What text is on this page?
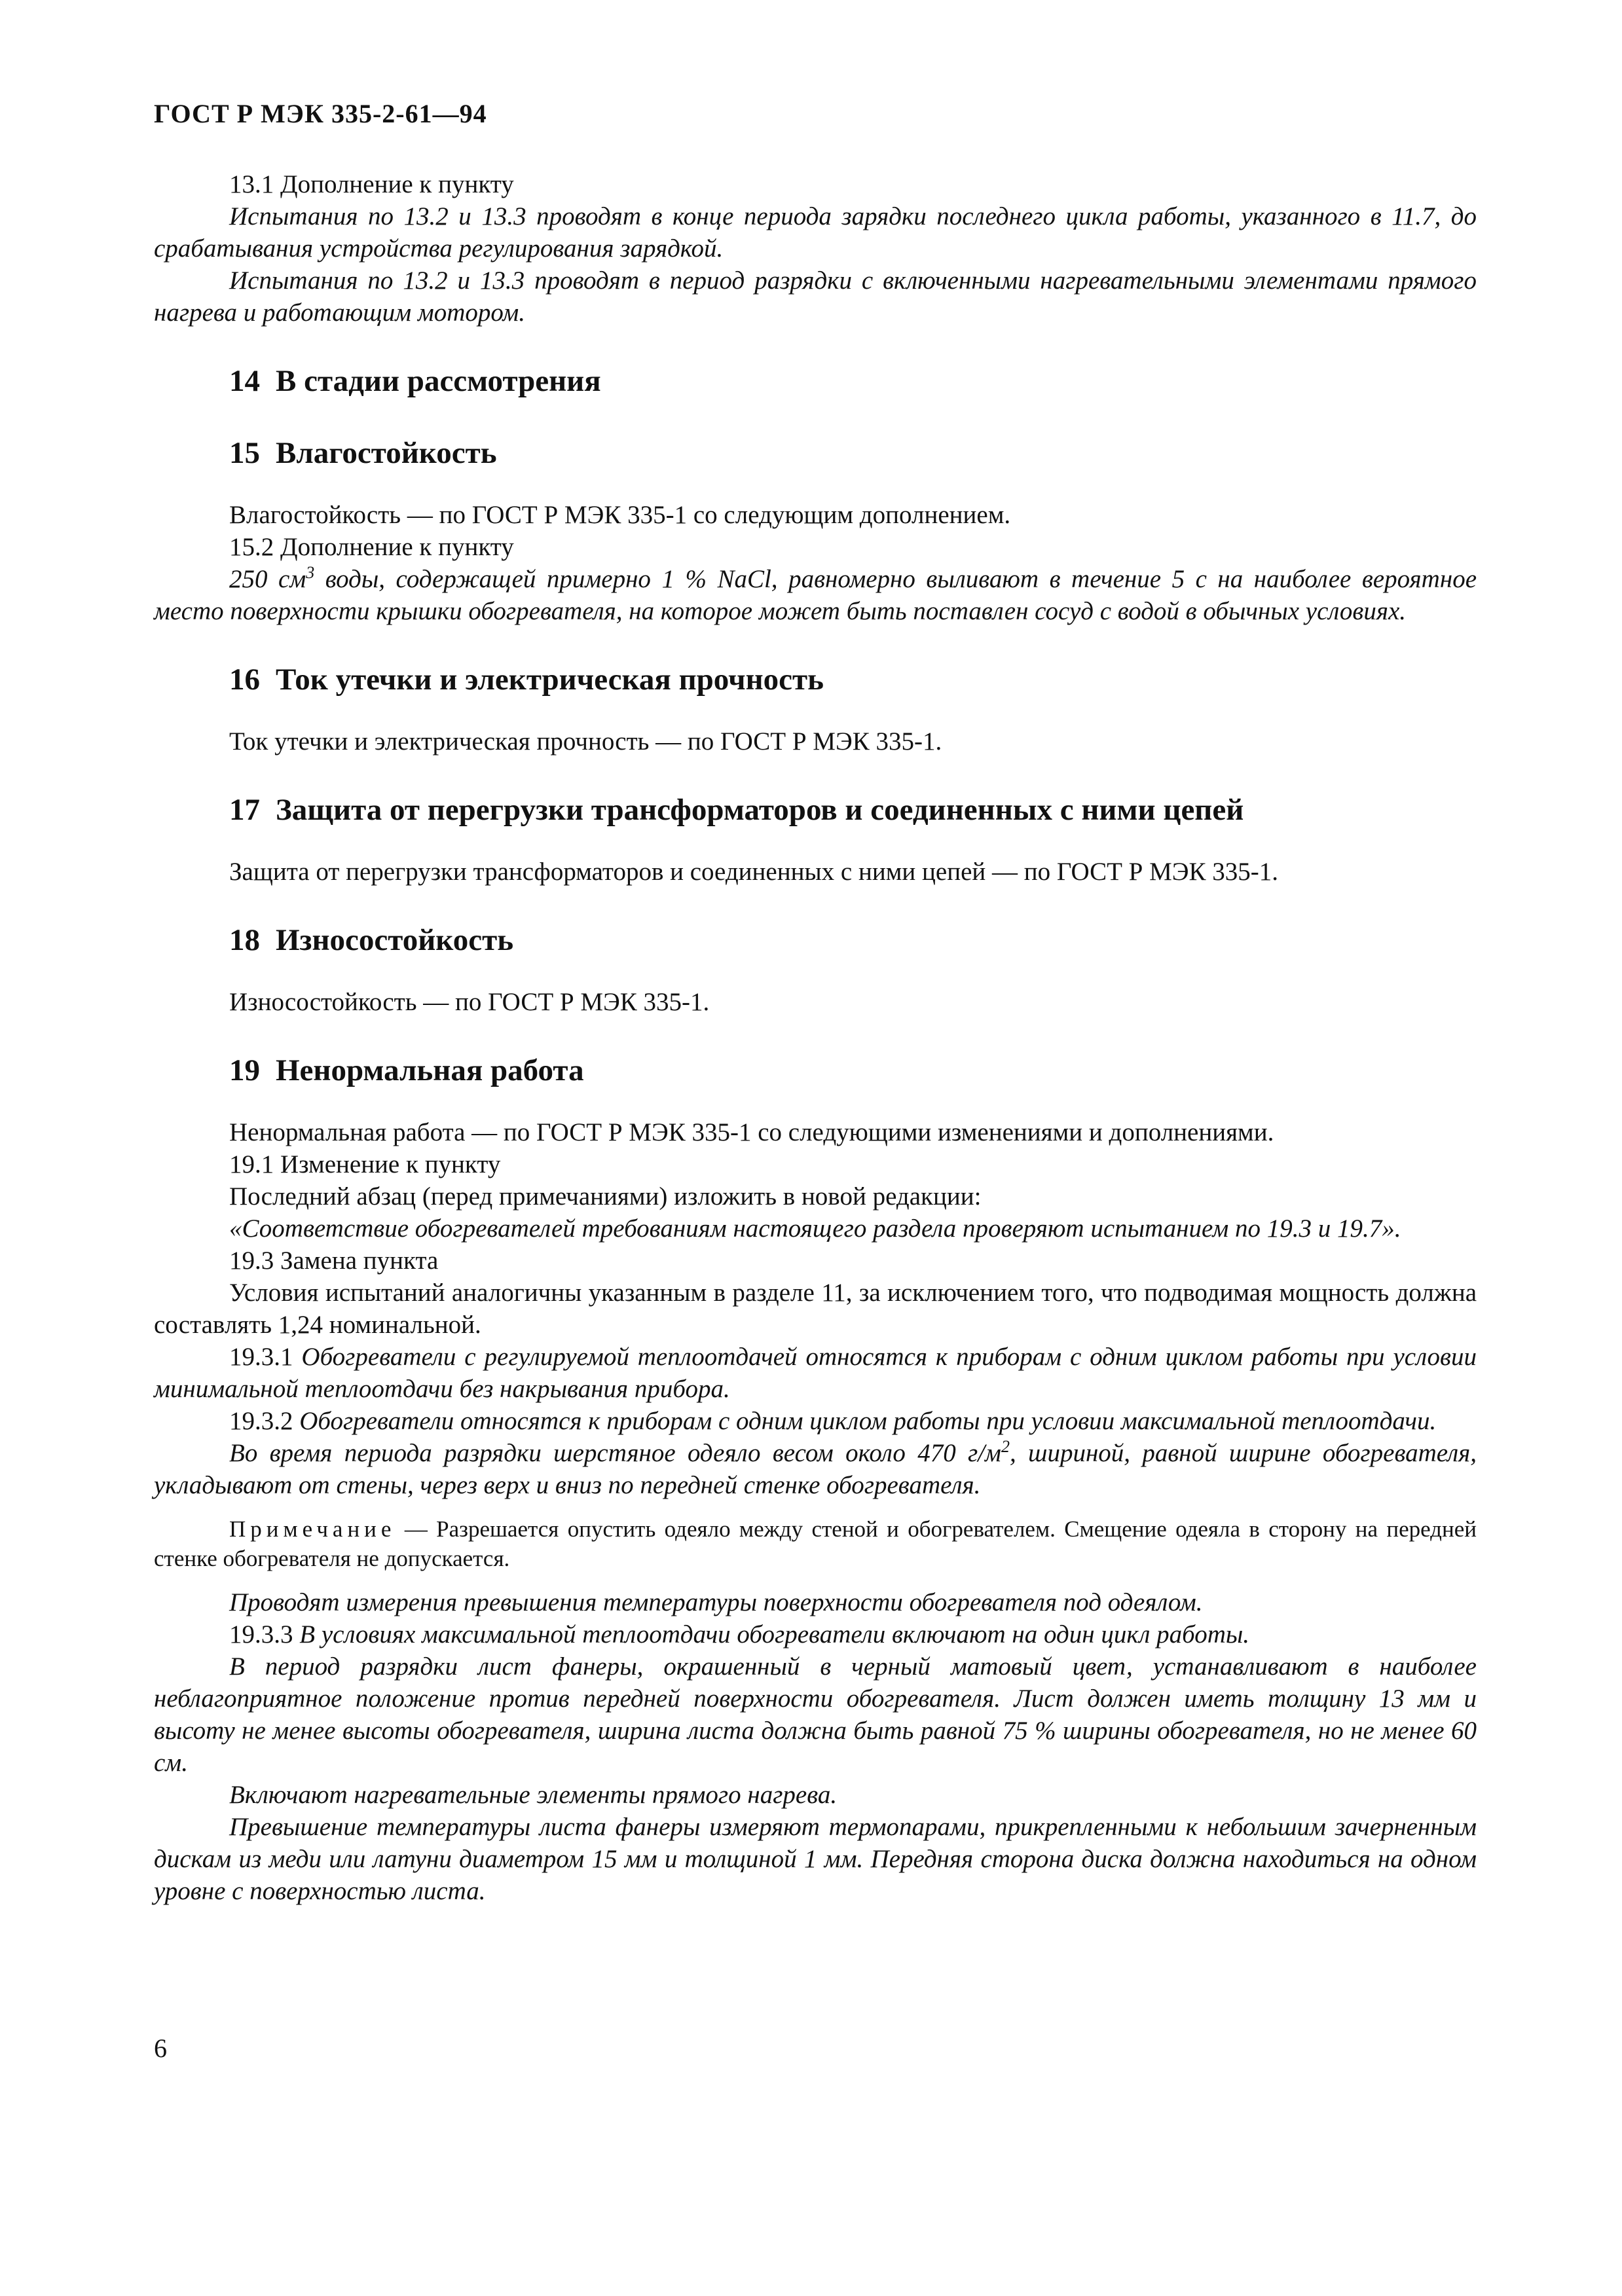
ГОСТ Р МЭК 335-2-61—94

13.1 Дополнение к пункту

Испытания по 13.2 и 13.3 проводят в конце периода зарядки последнего цикла работы, указанного в 11.7, до срабатывания устройства регулирования зарядкой.

Испытания по 13.2 и 13.3 проводят в период разрядки с включенными нагревательными элементами прямого нагрева и работающим мотором.

14 В стадии рассмотрения
15 Влагостойкость

Влагостойкость — по ГОСТ Р МЭК 335-1 со следующим дополнением.

15.2 Дополнение к пункту

250 $см^3$ воды, содержащей примерно 1 % NaCl, равномерно выливают в течение 5 с на наиболее вероятное место поверхности крышки обогревателя, на которое может быть поставлен сосуд с водой в обычных условиях.

16 Ток утечки и электрическая прочность

Ток утечки и электрическая прочность — по ГОСТ Р МЭК 335-1.

17 Защита от перегрузки трансформаторов и соединенных с ними цепей

Защита от перегрузки трансформаторов и соединенных с ними цепей — по ГОСТ Р МЭК 335-1.

18 Износостойкость

Износостойкость — по ГОСТ Р МЭК 335-1.

19 Ненормальная работа

Ненормальная работа — по ГОСТ Р МЭК 335-1 со следующими изменениями и дополнениями.

19.1 Изменение к пункту

Последний абзац (перед примечаниями) изложить в новой редакции:

«Соответствие обогревателей требованиям настоящего раздела проверяют испытанием по 19.3 и 19.7».

19.3 Замена пункта

Условия испытаний аналогичны указанным в разделе 11, за исключением того, что подводимая мощность должна составлять 1,24 номинальной.

19.3.1 Обогреватели с регулируемой теплоотдачей относятся к приборам с одним циклом работы при условии минимальной теплоотдачи без накрывания прибора.

19.3.2 Обогреватели относятся к приборам с одним циклом работы при условии максимальной теплоотдачи.

Во время периода разрядки шерстяное одеяло весом около 470 $г/м^2$, шириной, равной ширине обогревателя, укладывают от стены, через верх и вниз по передней стенке обогревателя.

Примечание — Разрешается опустить одеяло между стеной и обогревателем. Смещение одеяла в сторону на передней стенке обогревателя не допускается.

Проводят измерения превышения температуры поверхности обогревателя под одеялом.

19.3.3 В условиях максимальной теплоотдачи обогреватели включают на один цикл работы.

В период разрядки лист фанеры, окрашенный в черный матовый цвет, устанавливают в наиболее неблагоприятное положение против передней поверхности обогревателя. Лист должен иметь толщину 13 мм и высоту не менее высоты обогревателя, ширина листа должна быть равной 75 % ширины обогревателя, но не менее 60 см.

Включают нагревательные элементы прямого нагрева.

Превышение температуры листа фанеры измеряют термопарами, прикрепленными к небольшим зачерненным дискам из меди или латуни диаметром 15 мм и толщиной 1 мм. Передняя сторона диска должна находиться на одном уровне с поверхностью листа.

6
